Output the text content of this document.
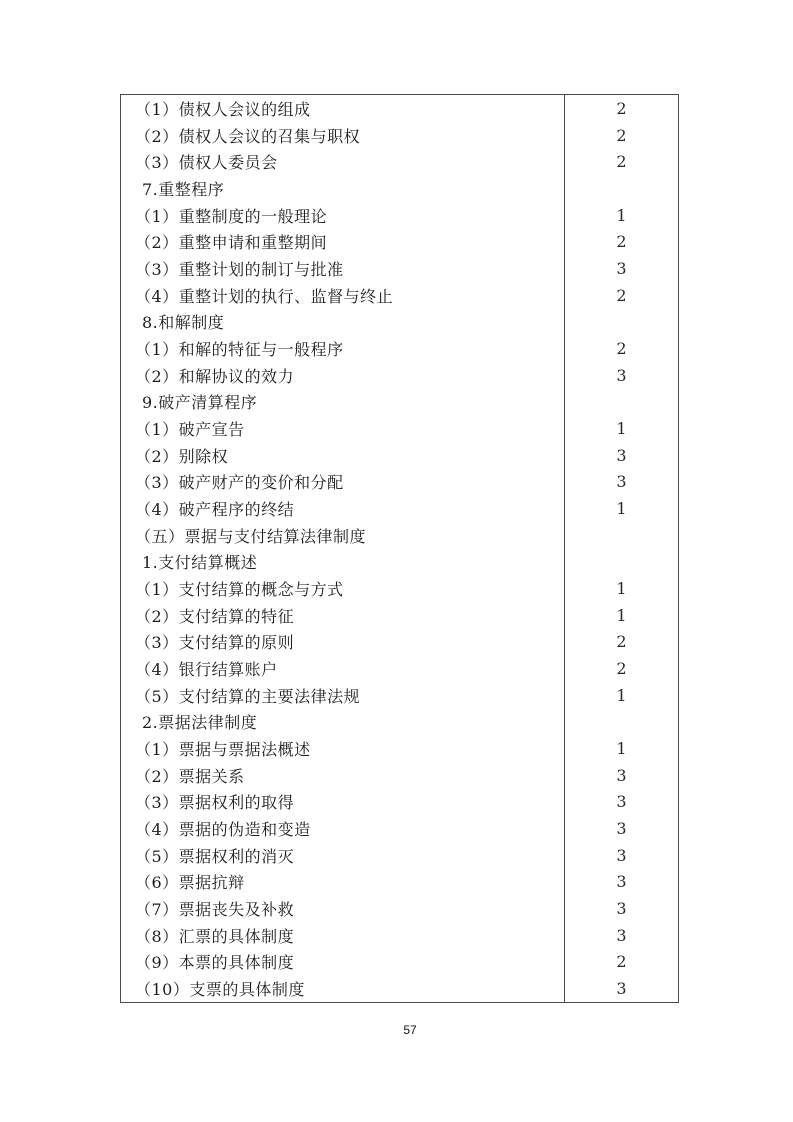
（1）债权人会议的组成	2
（2）债权人会议的召集与职权	2
（3）债权人委员会	2
7.重整程序
（1）重整制度的一般理论	1
（2）重整申请和重整期间	2
（3）重整计划的制订与批准	3
（4）重整计划的执行、监督与终止	2
8.和解制度
（1）和解的特征与一般程序	2
（2）和解协议的效力	3
9.破产清算程序
（1）破产宣告	1
（2）别除权	3
（3）破产财产的变价和分配	3
（4）破产程序的终结	1
（五）票据与支付结算法律制度
1.支付结算概述
（1）支付结算的概念与方式	1
（2）支付结算的特征	1
（3）支付结算的原则	2
（4）银行结算账户	2
（5）支付结算的主要法律法规	1
2.票据法律制度
（1）票据与票据法概述	1
（2）票据关系	3
（3）票据权利的取得	3
（4）票据的伪造和变造	3
（5）票据权利的消灭	3
（6）票据抗辩	3
（7）票据丧失及补救	3
（8）汇票的具体制度	3
（9）本票的具体制度	2
（10）支票的具体制度	3
57
